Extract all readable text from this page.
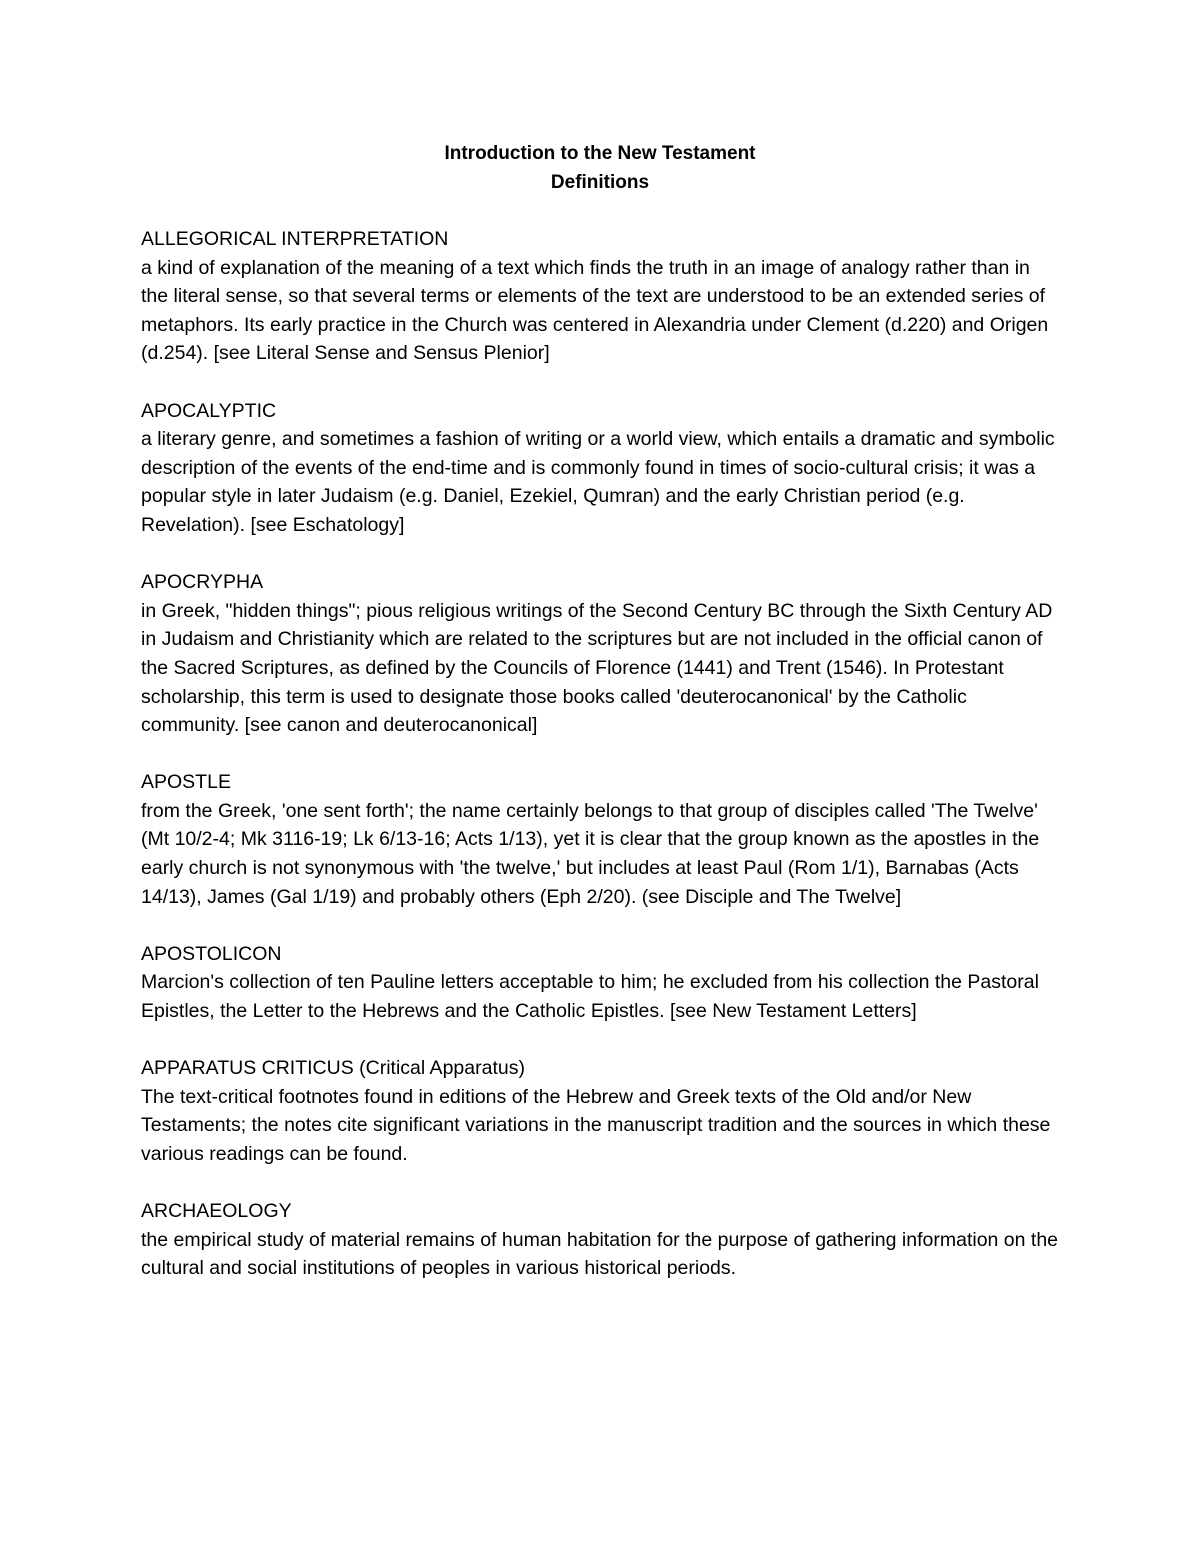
Introduction to the New Testament
Definitions
ALLEGORICAL INTERPRETATION
a kind of explanation of the meaning of a text which finds the truth in an image of analogy rather than in the literal sense, so that several terms or elements of the text are understood to be an extended series of metaphors. Its early practice in the Church was centered in Alexandria under Clement (d.220) and Origen (d.254). [see Literal Sense and Sensus Plenior]
APOCALYPTIC
a literary genre, and sometimes a fashion of writing or a world view, which entails a dramatic and symbolic description of the events of the end-time and is commonly found in times of socio-cultural crisis; it was a popular style in later Judaism (e.g. Daniel, Ezekiel, Qumran) and the early Christian period (e.g. Revelation). [see Eschatology]
APOCRYPHA
in Greek, "hidden things"; pious religious writings of the Second Century BC through the Sixth Century AD in Judaism and Christianity which are related to the scriptures but are not included in the official canon of the Sacred Scriptures, as defined by the Councils of Florence (1441) and Trent (1546). In Protestant scholarship, this term is used to designate those books called 'deuterocanonical' by the Catholic community. [see canon and deuterocanonical]
APOSTLE
from the Greek, 'one sent forth'; the name certainly belongs to that group of disciples called 'The Twelve' (Mt 10/2-4; Mk 3116-19; Lk 6/13-16; Acts 1/13), yet it is clear that the group known as the apostles in the early church is not synonymous with 'the twelve,' but includes at least Paul (Rom 1/1), Barnabas (Acts 14/13), James (Gal 1/19) and probably others (Eph 2/20). (see Disciple and The Twelve]
APOSTOLICON
Marcion's collection of ten Pauline letters acceptable to him; he excluded from his collection the Pastoral Epistles, the Letter to the Hebrews and the Catholic Epistles. [see New Testament Letters]
APPARATUS CRITICUS (Critical Apparatus)
The text-critical footnotes found in editions of the Hebrew and Greek texts of the Old and/or New Testaments; the notes cite significant variations in the manuscript tradition and the sources in which these various readings can be found.
ARCHAEOLOGY
the empirical study of material remains of human habitation for the purpose of gathering information on the cultural and social institutions of peoples in various historical periods.
